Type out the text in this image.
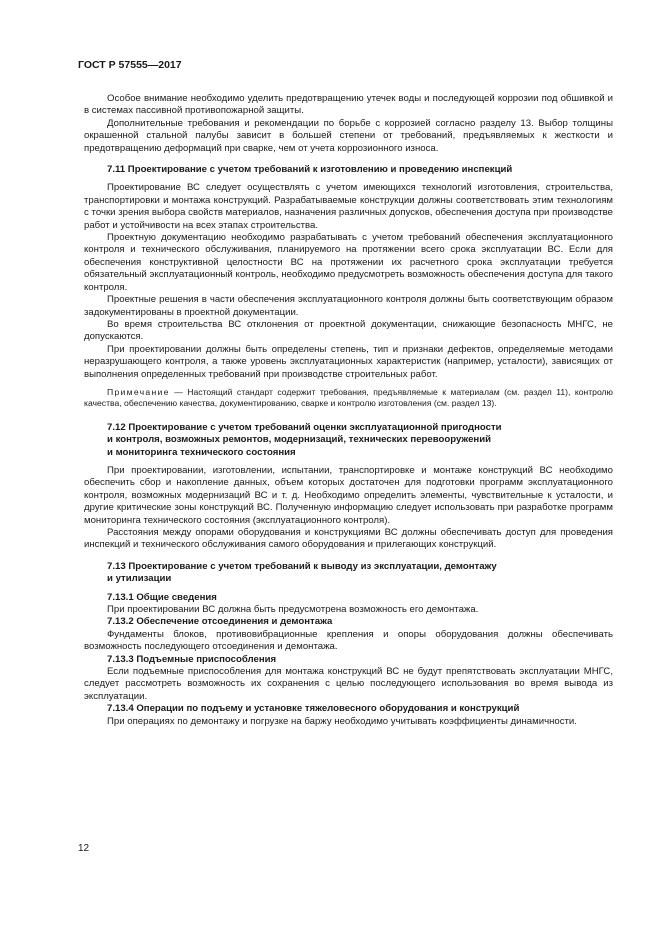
ГОСТ Р 57555—2017

Особое внимание необходимо уделить предотвращению утечек воды и последующей коррозии под обшивкой и в системах пассивной противопожарной защиты.

Дополнительные требования и рекомендации по борьбе с коррозией согласно разделу 13. Выбор толщины окрашенной стальной палубы зависит в большей степени от требований, предъявляемых к жесткости и предотвращению деформаций при сварке, чем от учета коррозионного износа.

7.11 Проектирование с учетом требований к изготовлению и проведению инспекций

Проектирование ВС следует осуществлять с учетом имеющихся технологий изготовления, строительства, транспортировки и монтажа конструкций. Разрабатываемые конструкции должны соответствовать этим технологиям с точки зрения выбора свойств материалов, назначения различных допусков, обеспечения доступа при производстве работ и устойчивости на всех этапах строительства.

Проектную документацию необходимо разрабатывать с учетом требований обеспечения эксплуатационного контроля и технического обслуживания, планируемого на протяжении всего срока эксплуатации ВС. Если для обеспечения конструктивной целостности ВС на протяжении их расчетного срока эксплуатации требуется обязательный эксплуатационный контроль, необходимо предусмотреть возможность обеспечения доступа для такого контроля.

Проектные решения в части обеспечения эксплуатационного контроля должны быть соответствующим образом задокументированы в проектной документации.

Во время строительства ВС отклонения от проектной документации, снижающие безопасность МНГС, не допускаются.

При проектировании должны быть определены степень, тип и признаки дефектов, определяемые методами неразрушающего контроля, а также уровень эксплуатационных характеристик (например, усталости), зависящих от выполнения определенных требований при производстве строительных работ.

Примечание — Настоящий стандарт содержит требования, предъявляемые к материалам (см. раздел 11), контролю качества, обеспечению качества, документированию, сварке и контролю изготовления (см. раздел 13).

7.12 Проектирование с учетом требований оценки эксплуатационной пригодности
и контроля, возможных ремонтов, модернизаций, технических перевооружений
и мониторинга технического состояния

При проектировании, изготовлении, испытании, транспортировке и монтаже конструкций ВС необходимо обеспечить сбор и накопление данных, объем которых достаточен для подготовки программ эксплуатационного контроля, возможных модернизаций ВС и т. д. Необходимо определить элементы, чувствительные к усталости, и другие критические зоны конструкций ВС. Полученную информацию следует использовать при разработке программ мониторинга технического состояния (эксплуатационного контроля).

Расстояния между опорами оборудования и конструкциями ВС должны обеспечивать доступ для проведения инспекций и технического обслуживания самого оборудования и прилегающих конструкций.

7.13 Проектирование с учетом требований к выводу из эксплуатации, демонтажу
и утилизации

7.13.1 Общие сведения

При проектировании ВС должна быть предусмотрена возможность его демонтажа.

7.13.2 Обеспечение отсоединения и демонтажа

Фундаменты блоков, противовибрационные крепления и опоры оборудования должны обеспечивать возможность последующего отсоединения и демонтажа.

7.13.3 Подъемные приспособления

Если подъемные приспособления для монтажа конструкций ВС не будут препятствовать эксплуатации МНГС, следует рассмотреть возможность их сохранения с целью последующего использования во время вывода из эксплуатации.

7.13.4 Операции по подъему и установке тяжеловесного оборудования и конструкций

При операциях по демонтажу и погрузке на баржу необходимо учитывать коэффициенты динамичности.

12
